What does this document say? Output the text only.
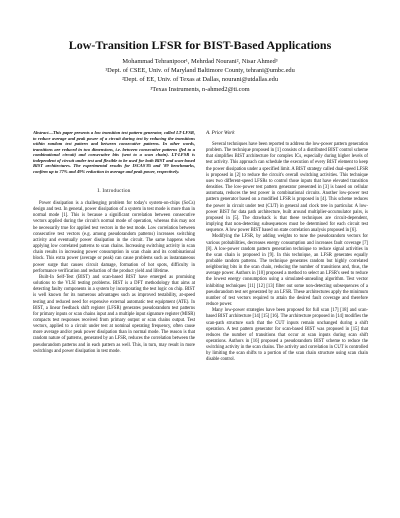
Low-Transition LFSR for BIST-Based Applications
Mohammad Tehranipoor¹, Mehrdad Nourani², Nisar Ahmed³
¹Dept. of CSEE, Univ. of Maryland Baltimore County, tehrani@umbc.edu
²Dept. of EE, Univ. of Texas at Dallas, nourani@utdallas.edu
³Texas Instruments, n-ahmed2@ti.com

Abstract—This paper presents a low transition test pattern generator, called LT-LFSR, to reduce average and peak power of a circuit during test by reducing the transitions within random test pattern and between consecutive patterns. In other words, transitions are reduced in two dimensions, i.e. between consecutive patterns (fed to a combinational circuit) and consecutive bits (sent to a scan chain). LT-LFSR is independent of circuit under test and flexible to be used for both BIST and scan-based BIST architectures. The experimental results for ISCAS'85 and '89 benchmarks, confirm up to 77% and 49% reduction in average and peak power, respectively.

I. Introduction

Power dissipation is a challenging problem for today's system-on-chips (SoCs) design and test. In general, power dissipation of a system in test mode is more than in normal mode [1]. This is because a significant correlation between consecutive vectors applied during the circuit's normal mode of operation, whereas this may not be necessarily true for applied test vectors in the test mode. Low correlation between consecutive test vectors (e.g. among pseudorandom patterns) increases switching activity and eventually power dissipation in the circuit. The same happens when applying low correlated patterns to scan chains. Increasing switching activity in scan chain results in increasing power consumption in scan chain and its combinational block. This extra power (average or peak) can cause problems such as instantaneous power surge that causes circuit damage, formation of hot spots, difficulty in performance verification and reduction of the product yield and lifetime.

Built-In Self-Test (BIST) and scan-based BIST have emerged as promising solutions to the VLSI testing problems. BIST is a DFT methodology that aims at detecting faulty components in a system by incorporating the test logic on chip. BIST is well known for its numerous advantages such as improved testability, at-speed testing and reduced need for expensive external automatic test equipment (ATE). In BIST, a linear feedback shift register (LFSR) generates pseudorandom test patterns for primary inputs or scan chains input and a multiple input signature register (MISR) compacts test responses received from primary output or scan chains output. Test vectors, applied to a circuit under test at nominal operating frequency, often cause more average and/or peak power dissipation than in normal mode. The reason is that random nature of patterns, generated by an LFSR, reduces the correlation between the pseudorandom patterns and in each pattern as well. This, in turn, may result in more switchings and power dissipation in test mode.

A. Prior Work

Several techniques have been reported to address the low-power pattern generation problem. The technique proposed in [1] consists of a distributed BIST control scheme that simplifies BIST architecture for complex ICs, especially during higher levels of test activity. This approach can schedule the execution of every BIST element to keep the power dissipation under a specified limit. A BIST strategy called dual-speed LFSR is proposed in [2] to reduce the circuit's overall switching activities. This technique uses two different-speed LFSRs to control those inputs that have elevated transition densities. The low-power test pattern generator presented in [3] is based on cellular automata, reduces the test power in combinational circuits. Another low-power test pattern generator based on a modified LFSR is proposed in [4]. This scheme reduces the power in circuit under test (CUT) in general and clock tree in particular. A low-power BIST for data path architecture, built around multiplier-accumulator pairs, is proposed in [5]. The drawback is that these techniques are circuit-dependent, implying that non-detecting subsequences must be determined for each circuit test sequence. A low power BIST based on state correlation analysis proposed in [6].

Modifying the LFSR, by adding weights to tune the pseudorandom vectors for various probabilities, decreases energy consumption and increases fault coverage [7] [8]. A low-power random pattern generation technique to reduce signal activities in the scan chain is proposed in [9]. In this technique, an LFSR generates equally probable random patterns. The technique generates random but highly correlated neighboring bits in the scan chain, reducing the number of transitions and, thus, the average power. Authors in [10] proposed a method to select an LFSR's seed to reduce the lowest energy consumption using a simulated-annealing algorithm. Test vector inhibiting techniques [11] [12] [13] filter out some non-detecting subsequences of a pseudorandom test set generated by an LFSR. These architectures apply the minimum number of test vectors required to attain the desired fault coverage and therefore reduce power.

Many low-power strategies have been proposed for full scan [17] [18] and scan-based BIST architecture [14] [15] [16]. The architecture proposed in [14] modifies the scan-path structure such that the CUT inputs remain unchanged during a shift operation. A test pattern generator for scan-based BIST was proposed in [15] that reduces the number of transitions that occur at scan inputs during scan shift operations. Authors in [16] proposed a pseudorandom BIST scheme to reduce the switching activity in the scan chains. The activity and correlation in CUT is controlled by limiting the scan shifts to a portion of the scan chain structure using scan chain disable control.
